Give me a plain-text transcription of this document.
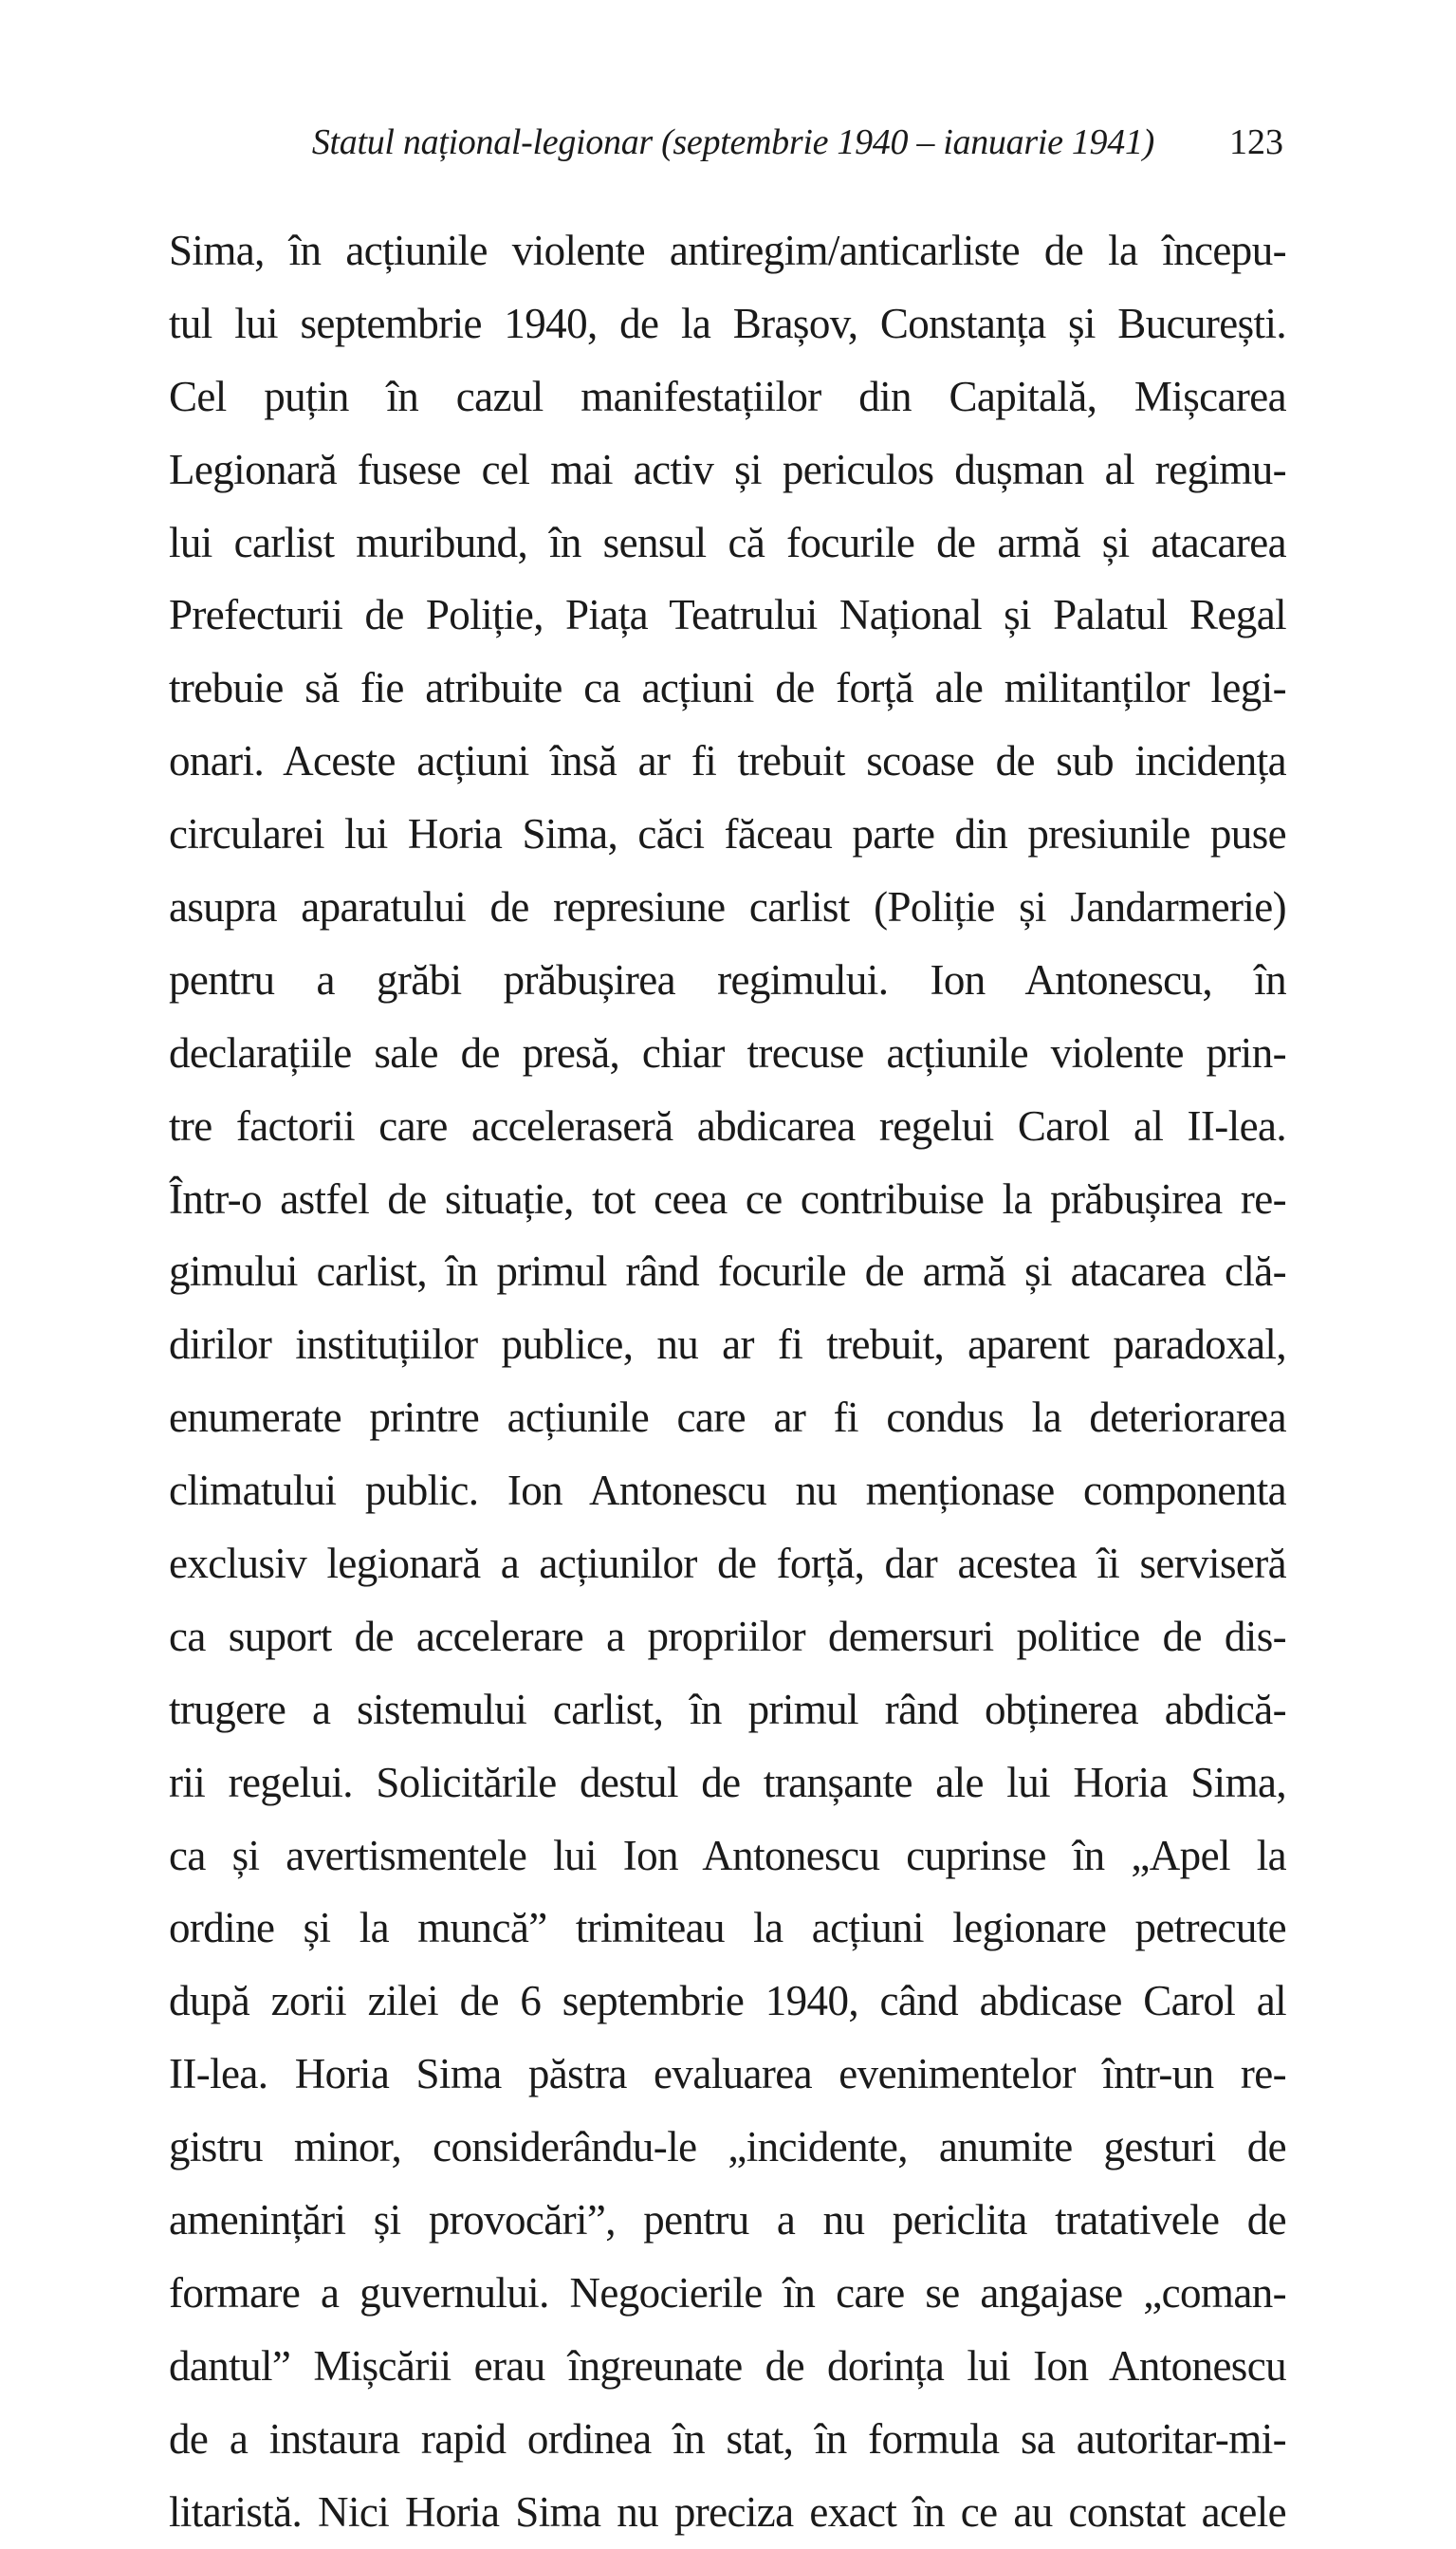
Statul național-legionar (septembrie 1940 – ianuarie 1941) 123
Sima, în acțiunile violente antiregim/anticarliste de la începu-
tul lui septembrie 1940, de la Brașov, Constanța și București.
Cel puțin în cazul manifestațiilor din Capitală, Mișcarea
Legionară fusese cel mai activ și periculos dușman al regimu-
lui carlist muribund, în sensul că focurile de armă și atacarea
Prefecturii de Poliție, Piața Teatrului Național și Palatul Regal
trebuie să fie atribuite ca acțiuni de forță ale militanților legi-
onari. Aceste acțiuni însă ar fi trebuit scoase de sub incidența
circularei lui Horia Sima, căci făceau parte din presiunile puse
asupra aparatului de represiune carlist (Poliție și Jandarmerie)
pentru a grăbi prăbușirea regimului. Ion Antonescu, în
declarațiile sale de presă, chiar trecuse acțiunile violente prin-
tre factorii care acceleraseră abdicarea regelui Carol al II-lea.
Într-o astfel de situație, tot ceea ce contribuise la prăbușirea re-
gimului carlist, în primul rând focurile de armă și atacarea clă-
dirilor instituțiilor publice, nu ar fi trebuit, aparent paradoxal,
enumerate printre acțiunile care ar fi condus la deteriorarea
climatului public. Ion Antonescu nu menționase componenta
exclusiv legionară a acțiunilor de forță, dar acestea îi serviseră
ca suport de accelerare a propriilor demersuri politice de dis-
trugere a sistemului carlist, în primul rând obținerea abdică-
rii regelui. Solicitările destul de tranșante ale lui Horia Sima,
ca și avertismentele lui Ion Antonescu cuprinse în „Apel la
ordine și la muncă” trimiteau la acțiuni legionare petrecute
după zorii zilei de 6 septembrie 1940, când abdicase Carol al
II-lea. Horia Sima păstra evaluarea evenimentelor într-un re-
gistru minor, considerându-le „incidente, anumite gesturi de
amenințări și provocări”, pentru a nu periclita tratativele de
formare a guvernului. Negocierile în care se angajase „coman-
dantul” Mișcării erau îngreunate de dorința lui Ion Antonescu
de a instaura rapid ordinea în stat, în formula sa autoritar-mi-
litaristă. Nici Horia Sima nu preciza exact în ce au constat acele
